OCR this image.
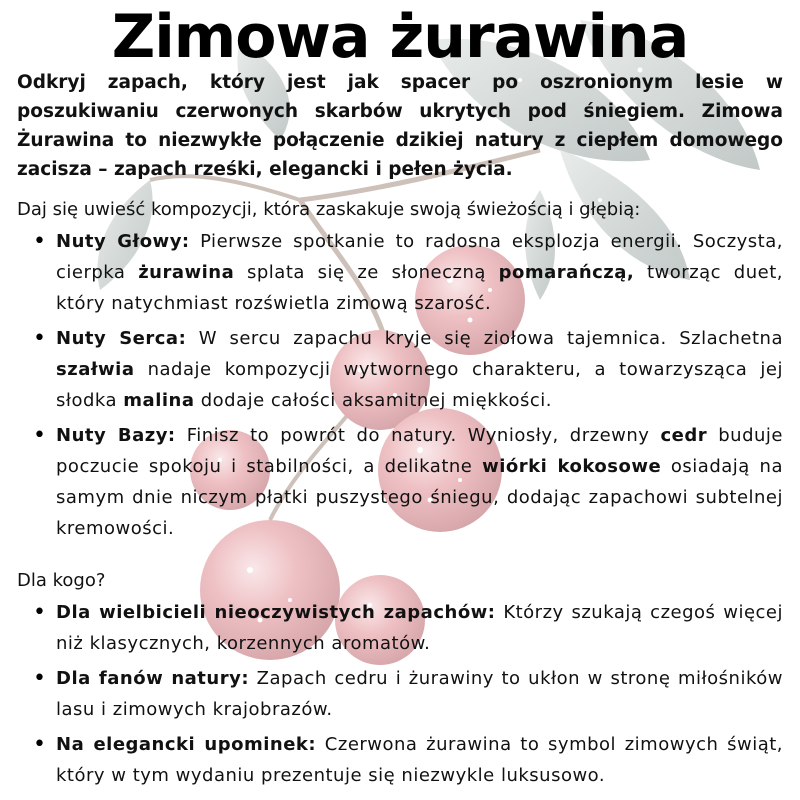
Zimowa żurawina

Odkryj zapach, który jest jak spacer po oszronionym lesie w poszukiwaniu czerwonych skarbów ukrytych pod śniegiem. Zimowa Żurawina to niezwykłe połączenie dzikiej natury z ciepłem domowego zacisza – zapach rześki, elegancki i pełen życia.

Daj się uwieść kompozycji, która zaskakuje swoją świeżością i głębią:

• Nuty Głowy: Pierwsze spotkanie to radosna eksplozja energii. Soczysta, cierpka żurawina splata się ze słoneczną pomarańczą, tworząc duet, który natychmiast rozświetla zimową szarość.
• Nuty Serca: W sercu zapachu kryje się ziołowa tajemnica. Szlachetna szałwia nadaje kompozycji wytwornego charakteru, a towarzysząca jej słodka malina dodaje całości aksamitnej miękkości.
• Nuty Bazy: Finisz to powrót do natury. Wyniosły, drzewny cedr buduje poczucie spokoju i stabilności, a delikatne wiórki kokosowe osiadają na samym dnie niczym płatki puszystego śniegu, dodając zapachowi subtelnej kremowości.

Dla kogo?

• Dla wielbicieli nieoczywistych zapachów: Którzy szukają czegoś więcej niż klasycznych, korzennych aromatów.
• Dla fanów natury: Zapach cedru i żurawiny to ukłon w stronę miłośników lasu i zimowych krajobrazów.
• Na elegancki upominek: Czerwona żurawina to symbol zimowych świąt, który w tym wydaniu prezentuje się niezwykle luksusowo.
